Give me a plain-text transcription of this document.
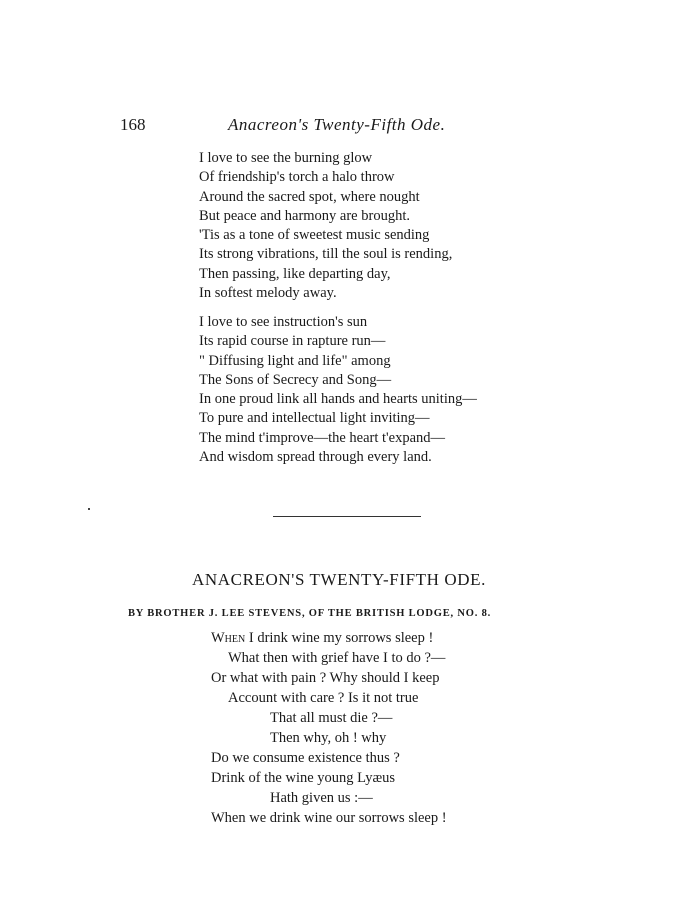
168	Anacreon's Twenty-Fifth Ode.
I love to see the burning glow
Of friendship's torch a halo throw
Around the sacred spot, where nought
But peace and harmony are brought.
'Tis as a tone of sweetest music sending
Its strong vibrations, till the soul is rending,
Then passing, like departing day,
In softest melody away.
I love to see instruction's sun
Its rapid course in rapture run—
" Diffusing light and life" among
The Sons of Secrecy and Song—
In one proud link all hands and hearts uniting—
To pure and intellectual light inviting—
The mind t'improve—the heart t'expand—
And wisdom spread through every land.
ANACREON'S TWENTY-FIFTH ODE.
BY BROTHER J. LEE STEVENS, OF THE BRITISH LODGE, NO. 8.
When I drink wine my sorrows sleep !
What then with grief have I to do ?—
Or what with pain ? Why should I keep
Account with care ? Is it not true
That all must die ?—
Then why, oh ! why
Do we consume existence thus ?
Drink of the wine young Lyæus
Hath given us :—
When we drink wine our sorrows sleep !
